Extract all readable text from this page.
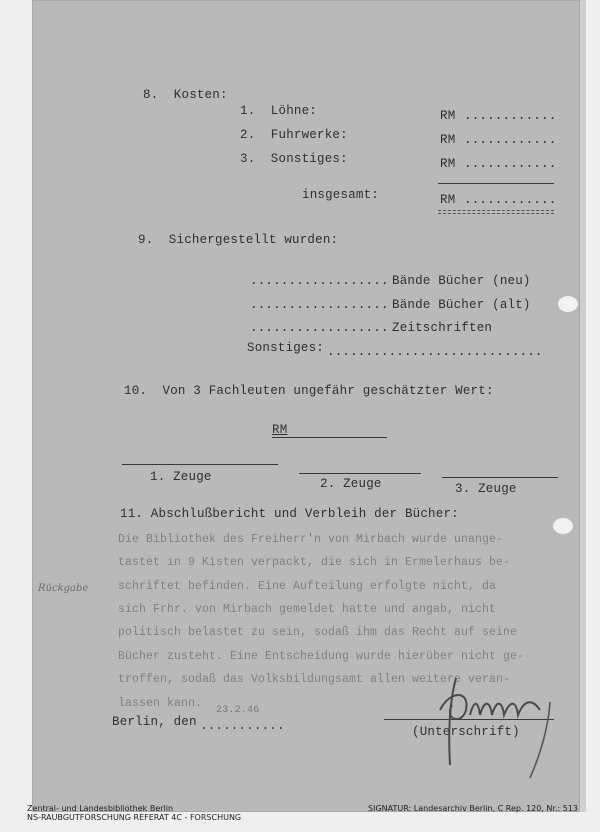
8.  Kosten:
1.  Löhne:	RM ............
2.  Fuhrwerke:	RM ............
3.  Sonstiges:	RM ............
insgesamt:	RM ............
9.  Sichergestellt wurden:
.................. Bände Bücher (neu)
.................. Bände Bücher (alt)
.................. Zeitschriften
Sonstiges: ............................
10.  Von 3 Fachleuten ungefähr geschätzter Wert:
RM
1. Zeuge	2. Zeuge	3. Zeuge
11. Abschlußbericht und Verbleih der Bücher:

Die Bibliothek des Freiherr'n von Mirbach wurde unange-

tastet in 9 Kisten verpackt, die sich in Ermelerhaus be-

schriftet befinden. Eine Aufteilung erfolgte nicht, da

sich Frhr. von Mirbach gemeldet hatte und angab, nicht

politisch belastet zu sein, sodaß ihm das Recht auf seine

Bücher zusteht. Eine Entscheidung wurde hierüber nicht ge-

troffen, sodaß das Volksbildungsamt allen weitere veran-

lassen kann.

Rückgabe
23.2.46
Berlin, den ...........	(Unterschrift)
Zentral- und Landesbibliothek Berlin
NS-RAUBGUTFORSCHUNG REFERAT 4C - FORSCHUNG
SIGNATUR: Landesarchiv Berlin, C Rep. 120, Nr.: 513
